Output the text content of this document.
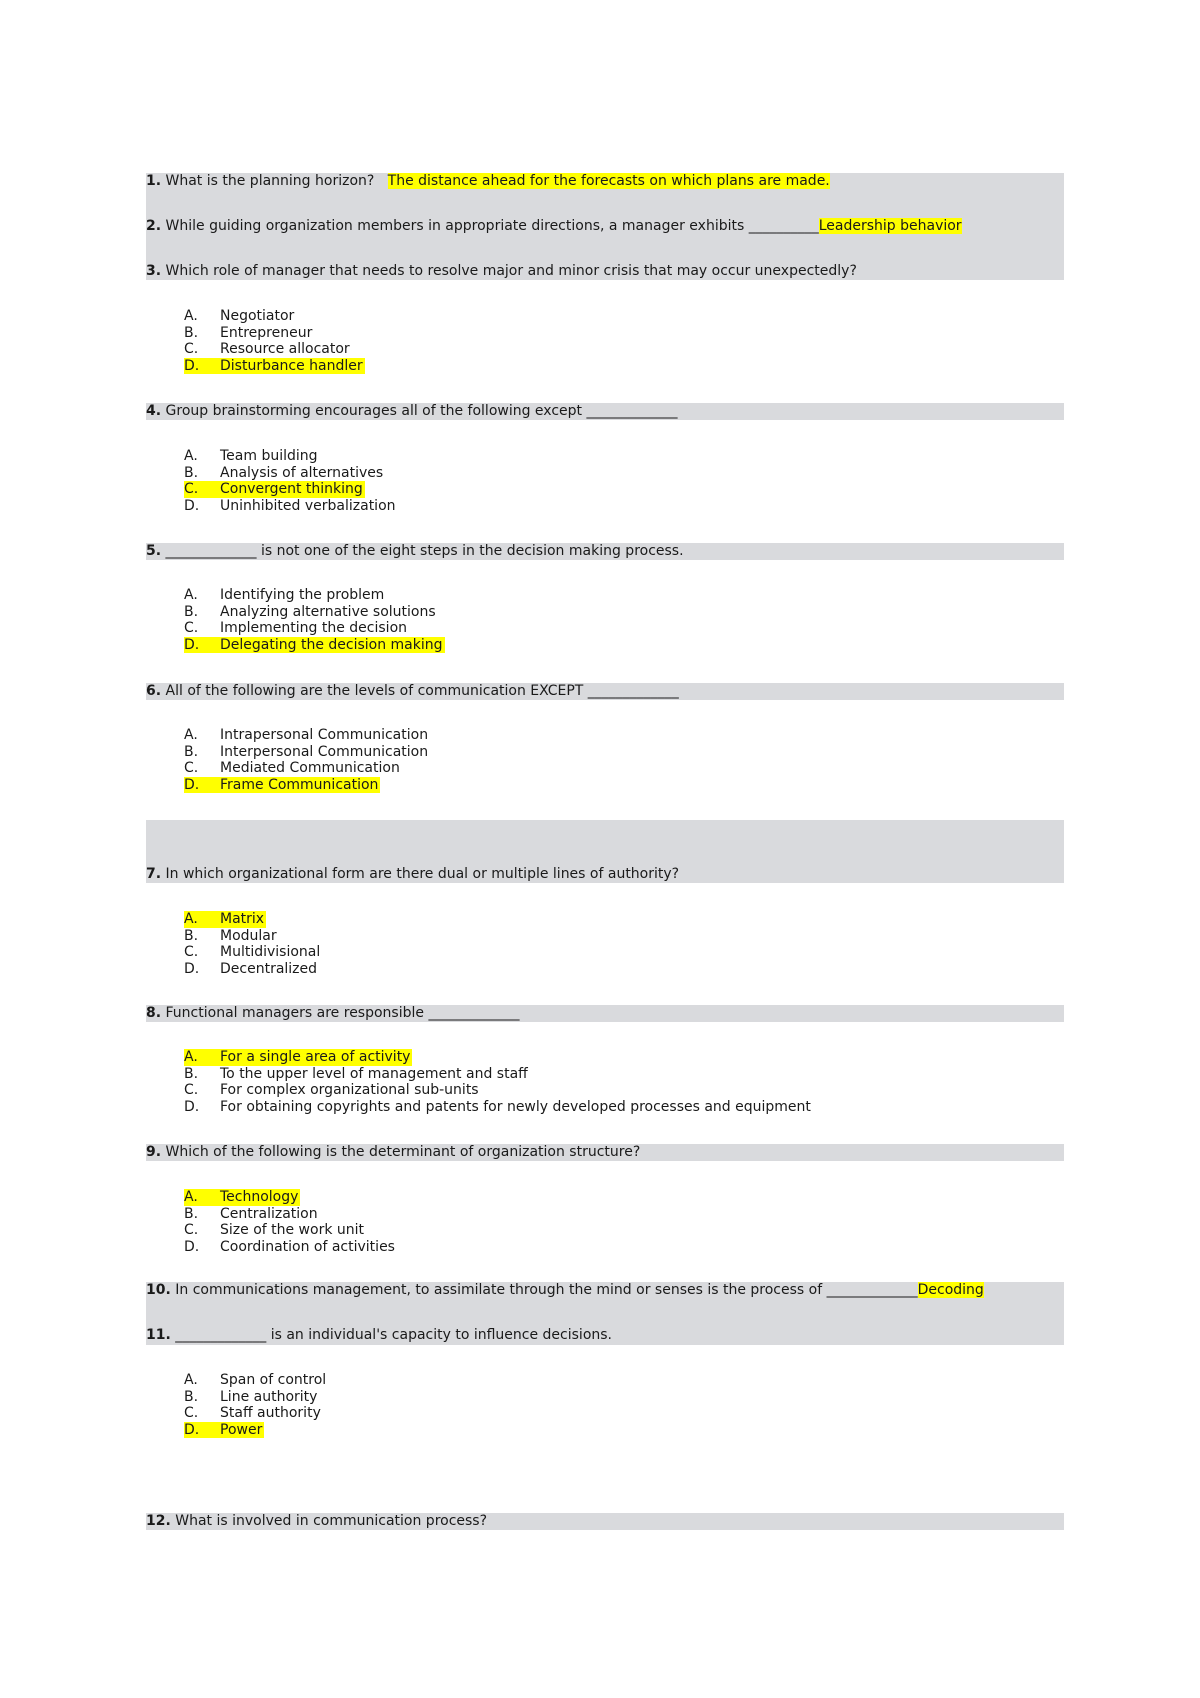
1. What is the planning horizon? The distance ahead for the forecasts on which plans are made.
2. While guiding organization members in appropriate directions, a manager exhibits __________Leadership behavior
3. Which role of manager that needs to resolve major and minor crisis that may occur unexpectedly?
A. Negotiator
B. Entrepreneur
C. Resource allocator
D. Disturbance handler
4. Group brainstorming encourages all of the following except _____________
A. Team building
B. Analysis of alternatives
C. Convergent thinking
D. Uninhibited verbalization
5. _____________ is not one of the eight steps in the decision making process.
A. Identifying the problem
B. Analyzing alternative solutions
C. Implementing the decision
D. Delegating the decision making
6. All of the following are the levels of communication EXCEPT _____________
A. Intrapersonal Communication
B. Interpersonal Communication
C. Mediated Communication
D. Frame Communication
7. In which organizational form are there dual or multiple lines of authority?
A. Matrix
B. Modular
C. Multidivisional
D. Decentralized
8. Functional managers are responsible _____________
A. For a single area of activity
B. To the upper level of management and staff
C. For complex organizational sub-units
D. For obtaining copyrights and patents for newly developed processes and equipment
9. Which of the following is the determinant of organization structure?
A. Technology
B. Centralization
C. Size of the work unit
D. Coordination of activities
10. In communications management, to assimilate through the mind or senses is the process of _____________Decoding
11. _____________ is an individual's capacity to influence decisions.
A. Span of control
B. Line authority
C. Staff authority
D. Power
12. What is involved in communication process?
